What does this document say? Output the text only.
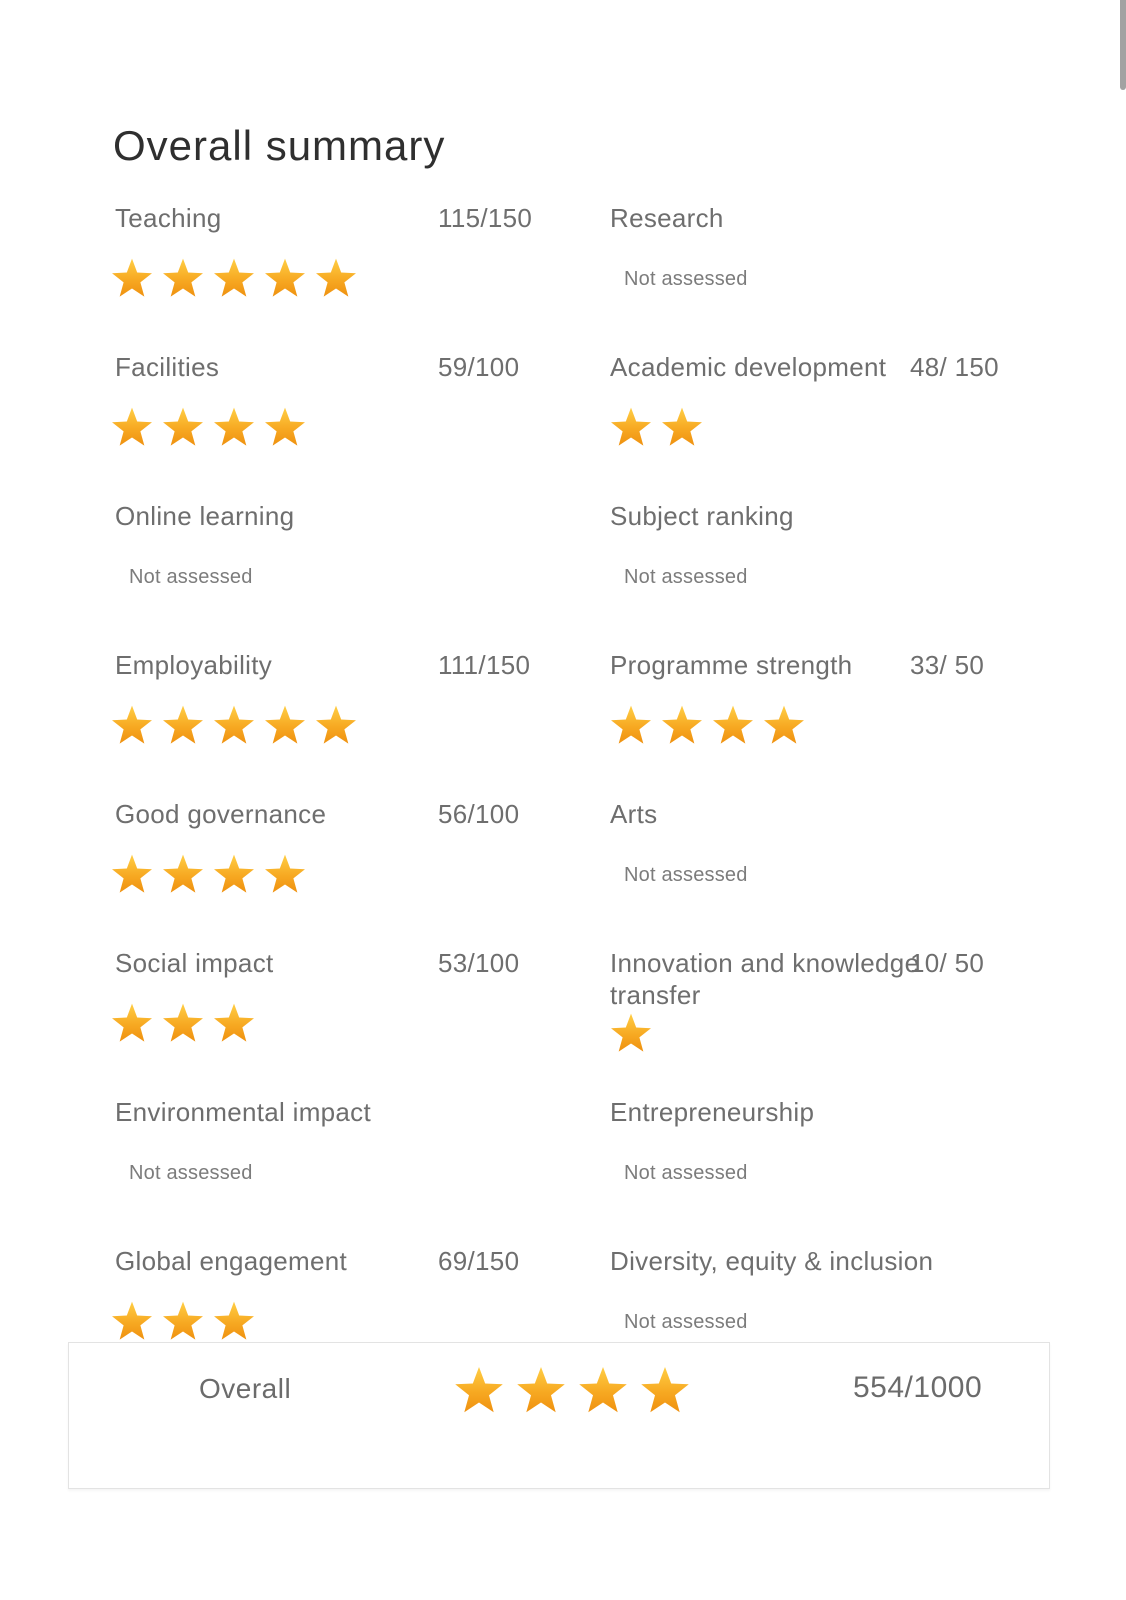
Overall summary
Teaching	115/150
Facilities	59/100
Online learning
Not assessed
Employability	111/150
Good governance	56/100
Social impact	53/100
Environmental impact
Not assessed
Global engagement	69/150
Research
Not assessed
Academic development 48/ 150
Subject ranking
Not assessed
Programme strength 33/ 50
Arts
Not assessed
Innovation and knowledge transfer
10/ 50
Entrepreneurship
Not assessed
Diversity, equity & inclusion
Not assessed
Overall	554/1000
